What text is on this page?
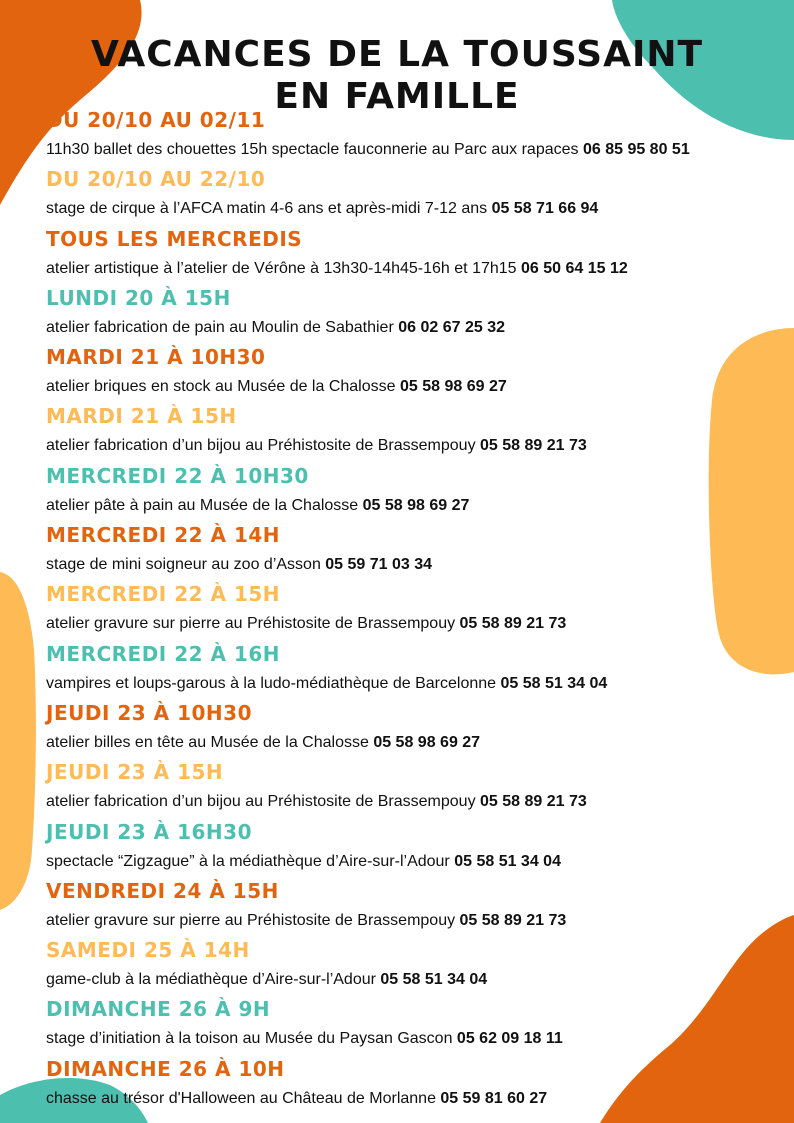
VACANCES DE LA TOUSSAINT
EN FAMILLE
DU 20/10 AU 02/11
11h30 ballet des chouettes 15h spectacle fauconnerie au Parc aux rapaces 06 85 95 80 51
DU 20/10 AU 22/10
stage de cirque à l’AFCA matin 4-6 ans et après-midi 7-12 ans 05 58 71 66 94
TOUS LES MERCREDIS
atelier artistique à l’atelier de Vérône à 13h30-14h45-16h et 17h15 06 50 64 15 12
LUNDI 20 À 15H
atelier fabrication de pain au Moulin de Sabathier 06 02 67 25 32
MARDI 21 À 10H30
atelier briques en stock au Musée de la Chalosse 05 58 98 69 27
MARDI 21 À 15H
atelier fabrication d’un bijou au Préhistosite de Brassempouy 05 58 89 21 73
MERCREDI 22 À 10H30
atelier pâte à pain au Musée de la Chalosse 05 58 98 69 27
MERCREDI 22 À 14H
stage de mini soigneur au zoo d’Asson 05 59 71 03 34
MERCREDI 22 À 15H
atelier gravure sur pierre au Préhistosite de Brassempouy 05 58 89 21 73
MERCREDI 22 À 16H
vampires et loups-garous à la ludo-médiathèque de Barcelonne 05 58 51 34 04
JEUDI 23 À 10H30
atelier billes en tête au Musée de la Chalosse 05 58 98 69 27
JEUDI 23 À 15H
atelier fabrication d’un bijou au Préhistosite de Brassempouy 05 58 89 21 73
JEUDI 23 À 16H30
spectacle “Zigzague” à la médiathèque d’Aire-sur-l’Adour 05 58 51 34 04
VENDREDI 24 À 15H
atelier gravure sur pierre au Préhistosite de Brassempouy 05 58 89 21 73
SAMEDI 25 À 14H
game-club à la médiathèque d’Aire-sur-l’Adour 05 58 51 34 04
DIMANCHE 26 À 9H
stage d’initiation à la toison au Musée du Paysan Gascon 05 62 09 18 11
DIMANCHE 26 À 10H
chasse au trésor d'Halloween au Château de Morlanne 05 59 81 60 27
